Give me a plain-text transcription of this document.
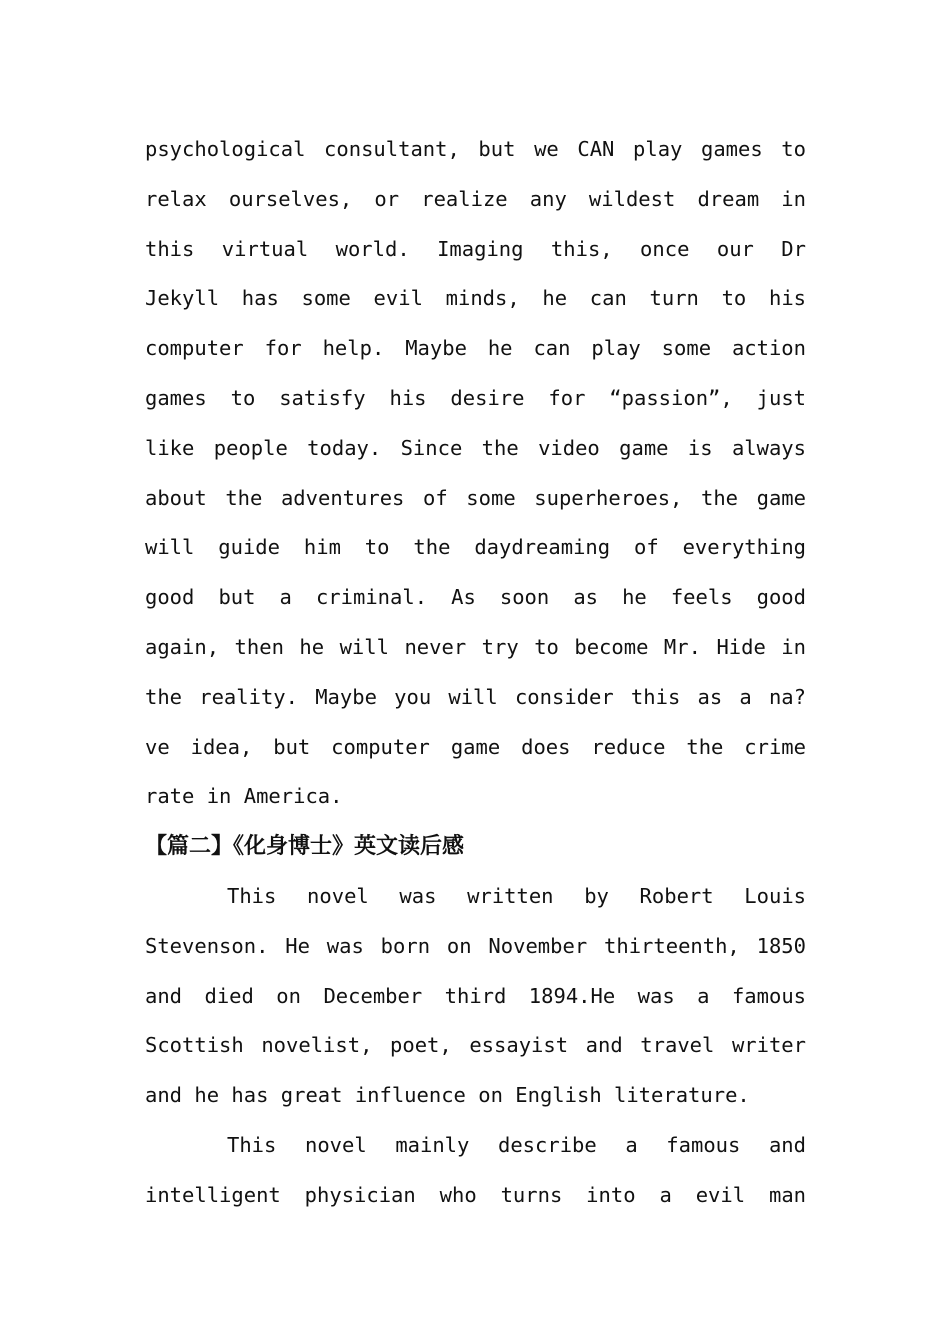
psychological consultant, but we CAN play games to
relax ourselves, or realize any wildest dream in
this virtual world. Imaging this, once our Dr
Jekyll has some evil minds, he can turn to his
computer for help. Maybe he can play some action
games to satisfy his desire for “passion”, just
like people today. Since the video game is always
about the adventures of some superheroes, the game
will guide him to the daydreaming of everything
good but a criminal. As soon as he feels good
again, then he will never try to become Mr. Hide in
the reality. Maybe you will consider this as a na?
ve idea, but computer game does reduce the crime
rate in America.

【篇二】《化身博士》英文读后感

This novel was written by Robert Louis
Stevenson. He was born on November thirteenth, 1850
and died on December third 1894.He was a famous
Scottish novelist, poet, essayist and travel writer
and he has great influence on English literature.

This novel mainly describe a famous and
intelligent physician who turns into a evil man
